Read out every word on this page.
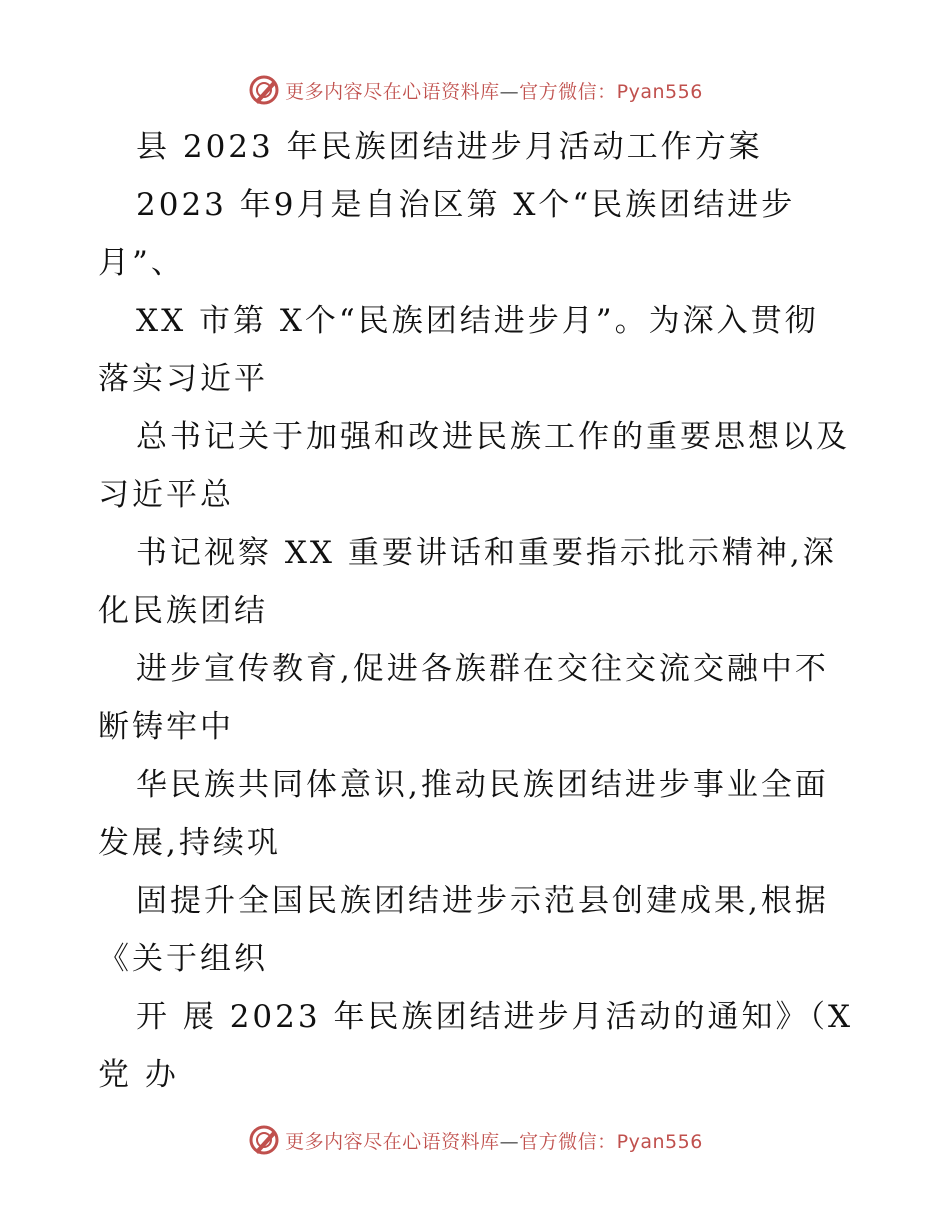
更多内容尽在心语资料库—官方微信：Pyan556
县 2023 年民族团结进步月活动工作方案
2023 年9月是自治区第 X个“民族团结进步
月”、
XX 市第 X个“民族团结进步月”。为深入贯彻
落实习近平
总书记关于加强和改进民族工作的重要思想以及
习近平总
书记视察 XX 重要讲话和重要指示批示精神,深
化民族团结
进步宣传教育,促进各族群在交往交流交融中不
断铸牢中
华民族共同体意识,推动民族团结进步事业全面
发展,持续巩
固提升全国民族团结进步示范县创建成果,根据
《关于组织
开 展 2023 年民族团结进步月活动的通知》（X
党 办
更多内容尽在心语资料库—官方微信：Pyan556
